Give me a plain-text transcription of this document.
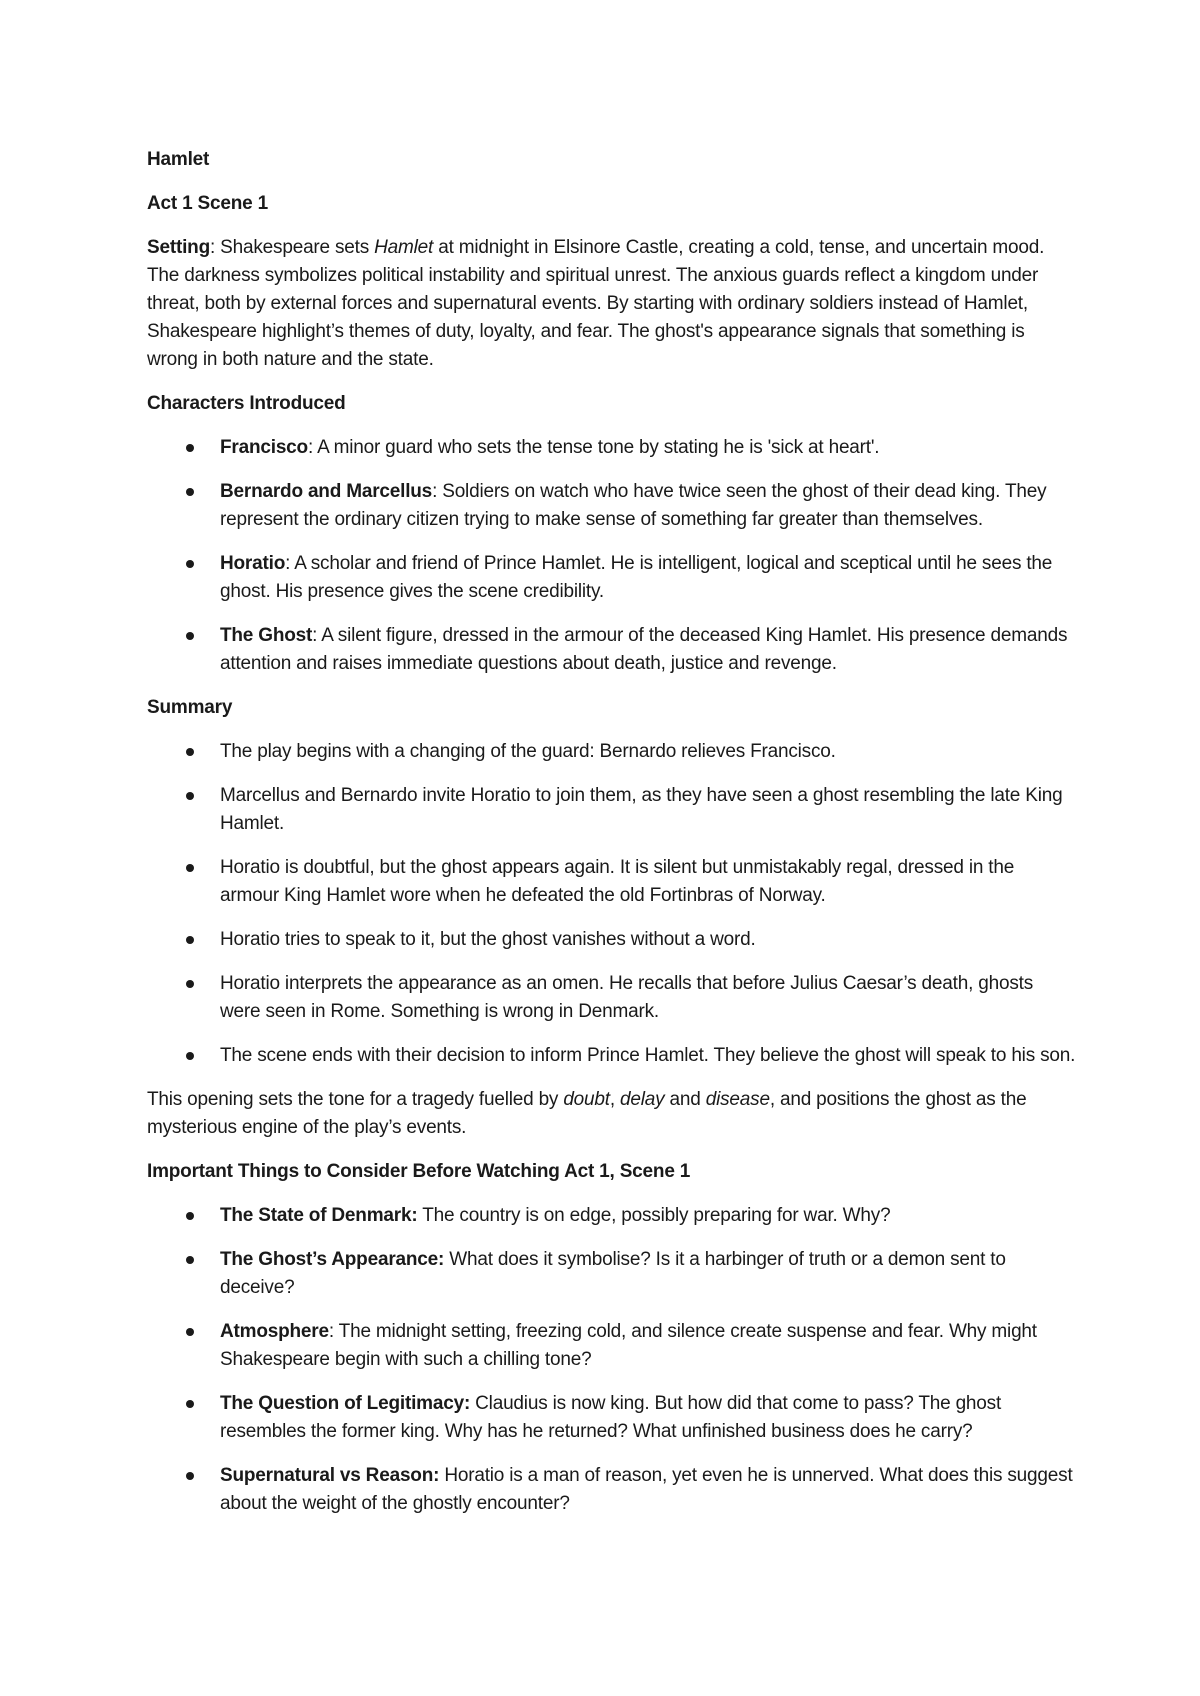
Hamlet
Act 1 Scene 1

Setting: Shakespeare sets Hamlet at midnight in Elsinore Castle, creating a cold, tense, and uncertain mood. The darkness symbolizes political instability and spiritual unrest. The anxious guards reflect a kingdom under threat, both by external forces and supernatural events. By starting with ordinary soldiers instead of Hamlet, Shakespeare highlight’s themes of duty, loyalty, and fear. The ghost's appearance signals that something is wrong in both nature and the state.

Characters Introduced
Francisco: A minor guard who sets the tense tone by stating he is 'sick at heart'.
Bernardo and Marcellus: Soldiers on watch who have twice seen the ghost of their dead king. They represent the ordinary citizen trying to make sense of something far greater than themselves.
Horatio: A scholar and friend of Prince Hamlet. He is intelligent, logical and sceptical until he sees the ghost. His presence gives the scene credibility.
The Ghost: A silent figure, dressed in the armour of the deceased King Hamlet. His presence demands attention and raises immediate questions about death, justice and revenge.
Summary
The play begins with a changing of the guard: Bernardo relieves Francisco.
Marcellus and Bernardo invite Horatio to join them, as they have seen a ghost resembling the late King Hamlet.
Horatio is doubtful, but the ghost appears again. It is silent but unmistakably regal, dressed in the armour King Hamlet wore when he defeated the old Fortinbras of Norway.
Horatio tries to speak to it, but the ghost vanishes without a word.
Horatio interprets the appearance as an omen. He recalls that before Julius Caesar’s death, ghosts were seen in Rome. Something is wrong in Denmark.
The scene ends with their decision to inform Prince Hamlet. They believe the ghost will speak to his son.

This opening sets the tone for a tragedy fuelled by doubt, delay and disease, and positions the ghost as the mysterious engine of the play’s events.

Important Things to Consider Before Watching Act 1, Scene 1
The State of Denmark: The country is on edge, possibly preparing for war. Why?
The Ghost’s Appearance: What does it symbolise? Is it a harbinger of truth or a demon sent to deceive?
Atmosphere: The midnight setting, freezing cold, and silence create suspense and fear. Why might Shakespeare begin with such a chilling tone?
The Question of Legitimacy: Claudius is now king. But how did that come to pass? The ghost resembles the former king. Why has he returned? What unfinished business does he carry?
Supernatural vs Reason: Horatio is a man of reason, yet even he is unnerved. What does this suggest about the weight of the ghostly encounter?
